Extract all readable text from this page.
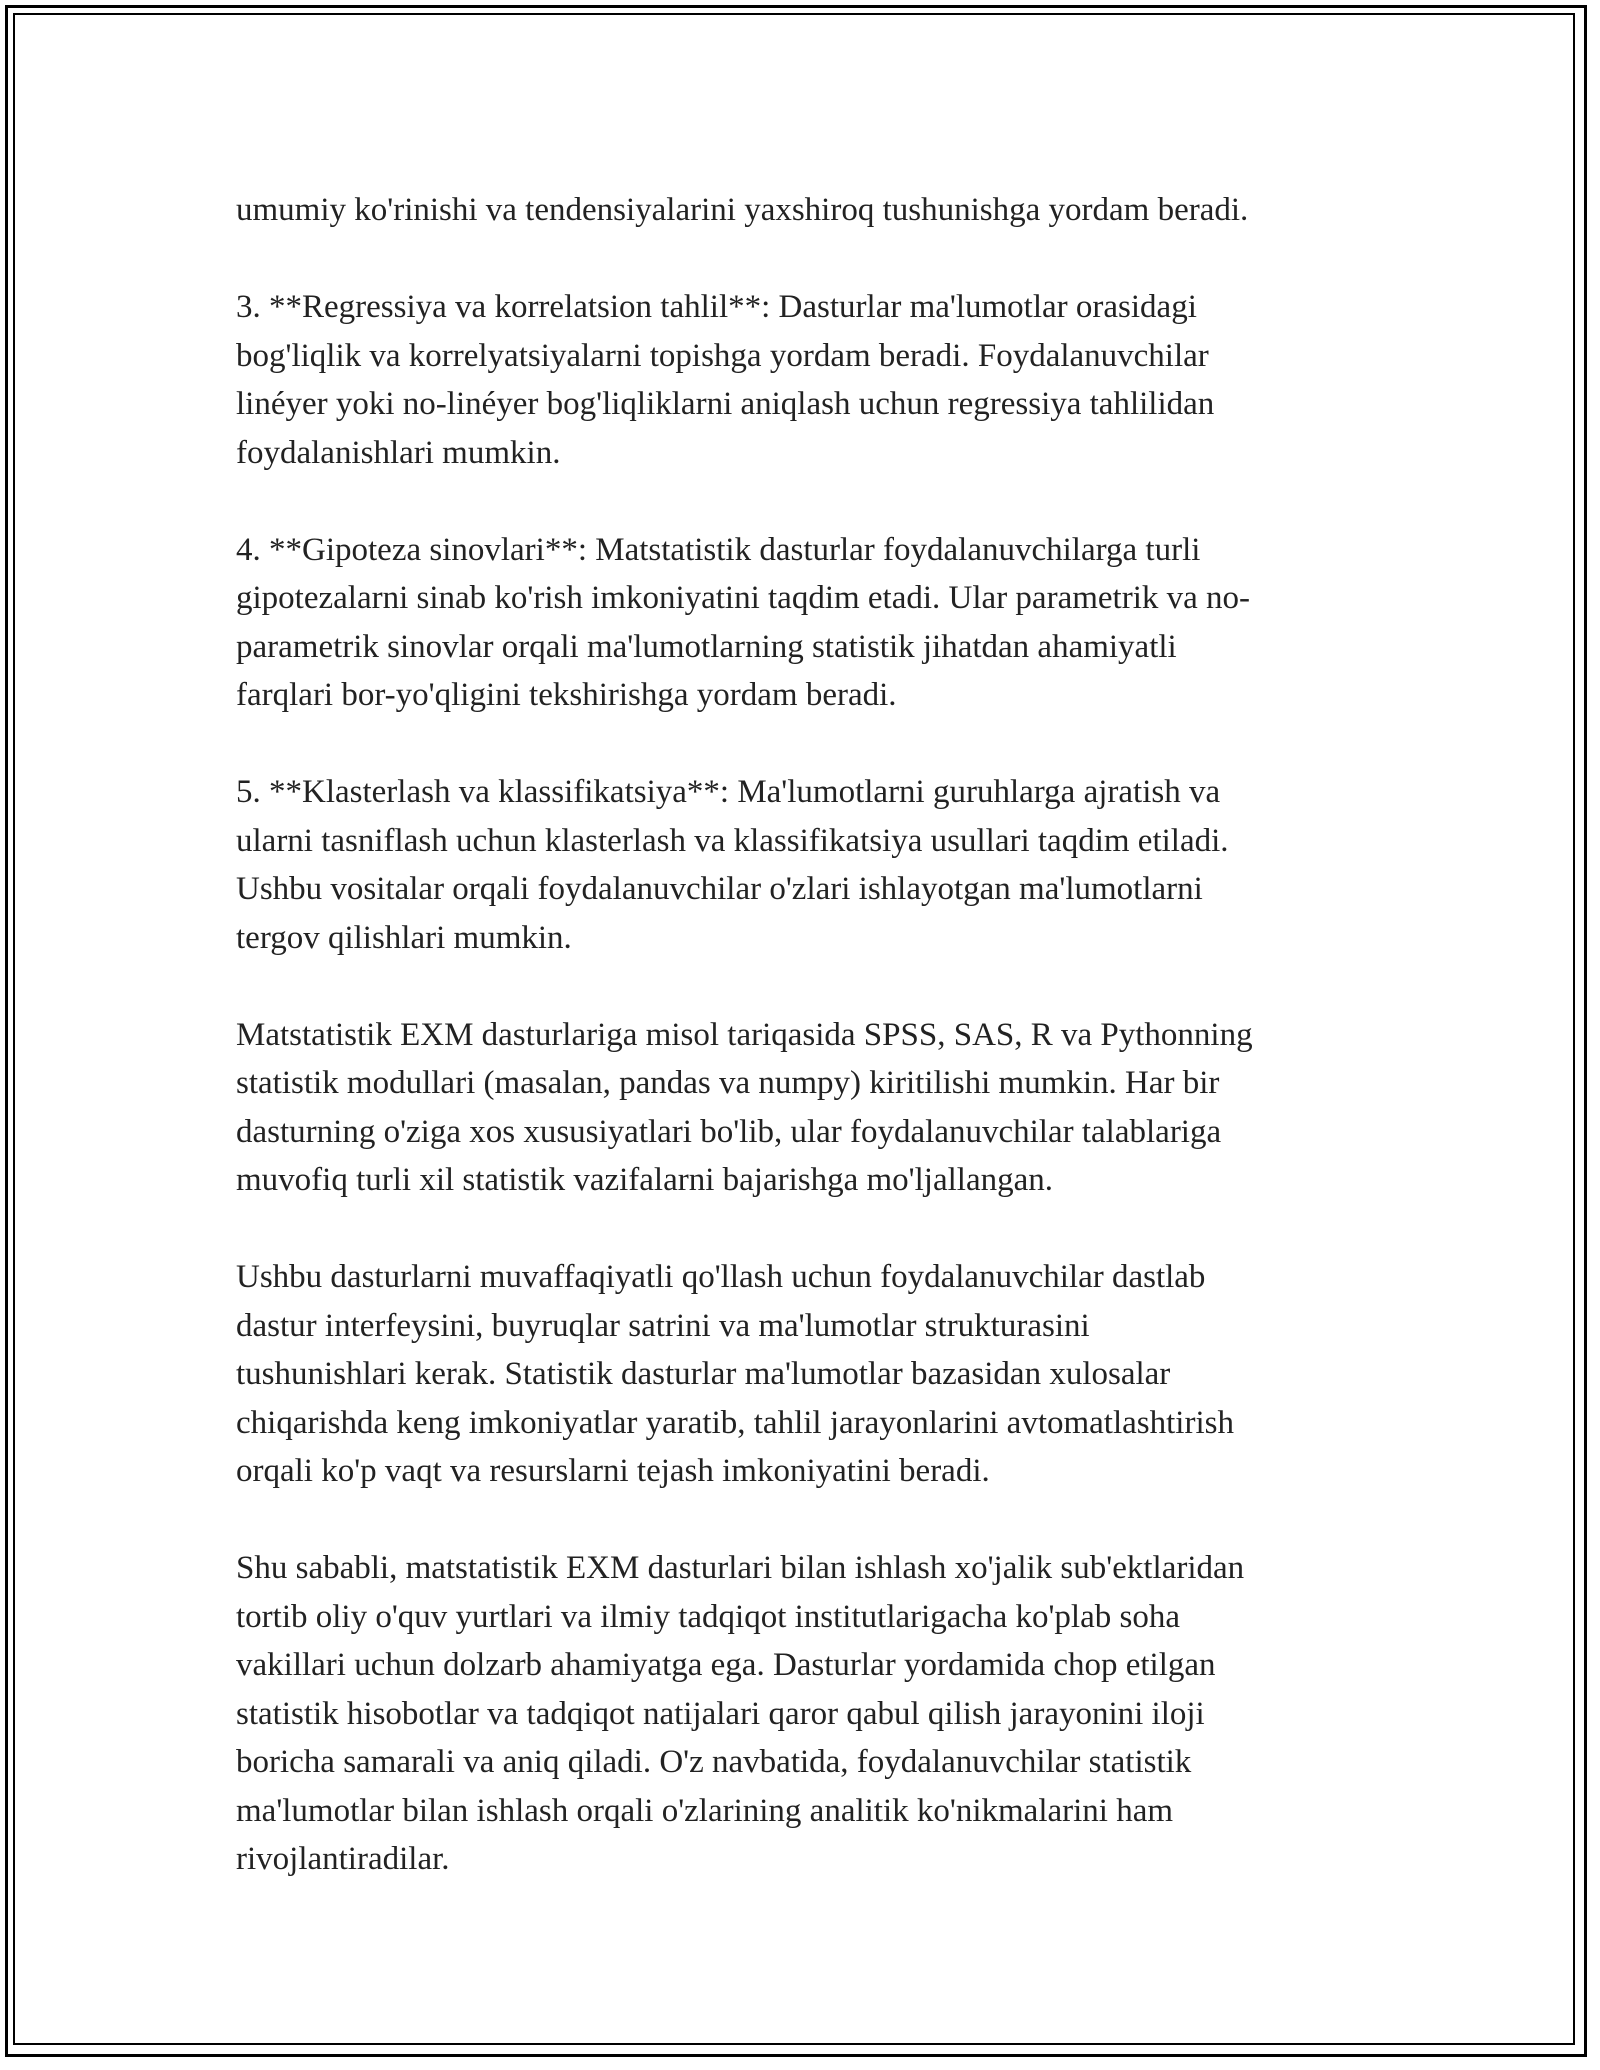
umumiy ko'rinishi va tendensiyalarini yaxshiroq tushunishga yordam beradi.

3. **Regressiya va korrelatsion tahlil**: Dasturlar ma'lumotlar orasidagi
bog'liqlik va korrelyatsiyalarni topishga yordam beradi. Foydalanuvchilar
linéyer yoki no-linéyer bog'liqliklarni aniqlash uchun regressiya tahlilidan
foydalanishlari mumkin.

4. **Gipoteza sinovlari**: Matstatistik dasturlar foydalanuvchilarga turli
gipotezalarni sinab ko'rish imkoniyatini taqdim etadi. Ular parametrik va no-
parametrik sinovlar orqali ma'lumotlarning statistik jihatdan ahamiyatli
farqlari bor-yo'qligini tekshirishga yordam beradi.

5. **Klasterlash va klassifikatsiya**: Ma'lumotlarni guruhlarga ajratish va
ularni tasniflash uchun klasterlash va klassifikatsiya usullari taqdim etiladi.
Ushbu vositalar orqali foydalanuvchilar o'zlari ishlayotgan ma'lumotlarni
tergov qilishlari mumkin.

Matstatistik EXM dasturlariga misol tariqasida SPSS, SAS, R va Pythonning
statistik modullari (masalan, pandas va numpy) kiritilishi mumkin. Har bir
dasturning o'ziga xos xususiyatlari bo'lib, ular foydalanuvchilar talablariga
muvofiq turli xil statistik vazifalarni bajarishga mo'ljallangan.

Ushbu dasturlarni muvaffaqiyatli qo'llash uchun foydalanuvchilar dastlab
dastur interfeysini, buyruqlar satrini va ma'lumotlar strukturasini
tushunishlari kerak. Statistik dasturlar ma'lumotlar bazasidan xulosalar
chiqarishda keng imkoniyatlar yaratib, tahlil jarayonlarini avtomatlashtirish
orqali ko'p vaqt va resurslarni tejash imkoniyatini beradi.

Shu sababli, matstatistik EXM dasturlari bilan ishlash xo'jalik sub'ektlaridan
tortib oliy o'quv yurtlari va ilmiy tadqiqot institutlarigacha ko'plab soha
vakillari uchun dolzarb ahamiyatga ega. Dasturlar yordamida chop etilgan
statistik hisobotlar va tadqiqot natijalari qaror qabul qilish jarayonini iloji
boricha samarali va aniq qiladi. O'z navbatida, foydalanuvchilar statistik
ma'lumotlar bilan ishlash orqali o'zlarining analitik ko'nikmalarini ham
rivojlantiradilar.
